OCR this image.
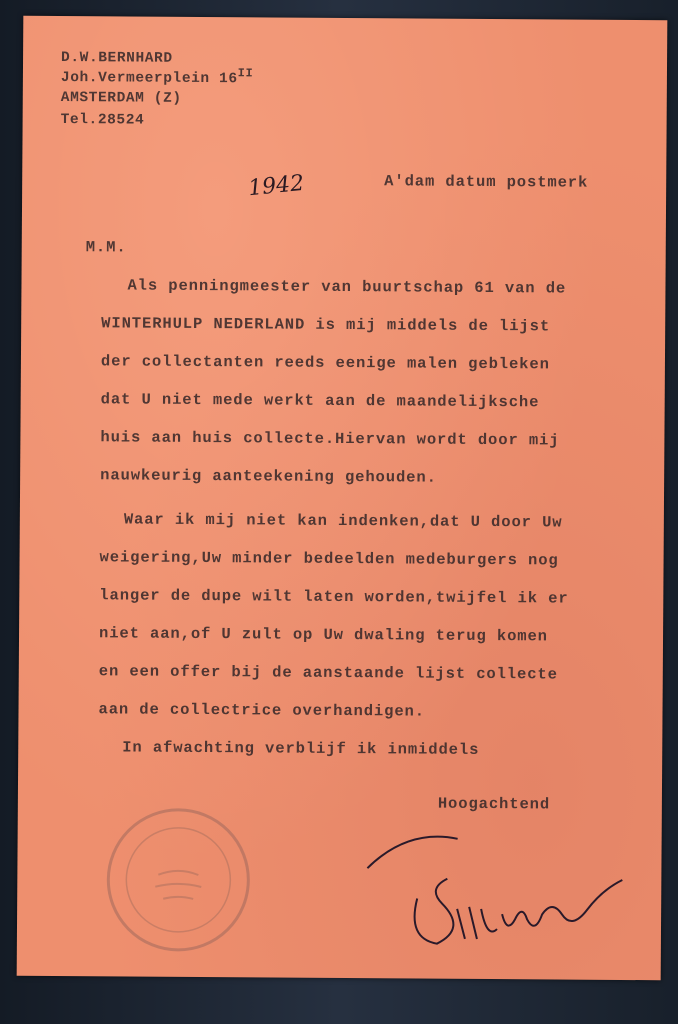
D.W.BERNHARD
Joh.Vermeerplein $16^{II}$
AMSTERDAM (Z)
Tel.28524
1942	A'dam datum postmerk
M.M.
Als penningmeester van buurtschap 61 van de
WINTERHULP NEDERLAND is mij middels de lijst
der collectanten reeds eenige malen gebleken
dat U niet mede werkt aan de maandelijksche
huis aan huis collecte.Hiervan wordt door mij
nauwkeurig aanteekening gehouden.
Waar ik mij niet kan indenken,dat U door Uw
weigering,Uw minder bedeelden medeburgers nog
langer de dupe wilt laten worden,twijfel ik er
niet aan,of U zult op Uw dwaling terug komen
en een offer bij de aanstaande lijst collecte
aan de collectrice overhandigen.
In afwachting verblijf ik inmiddels
Hoogachtend
